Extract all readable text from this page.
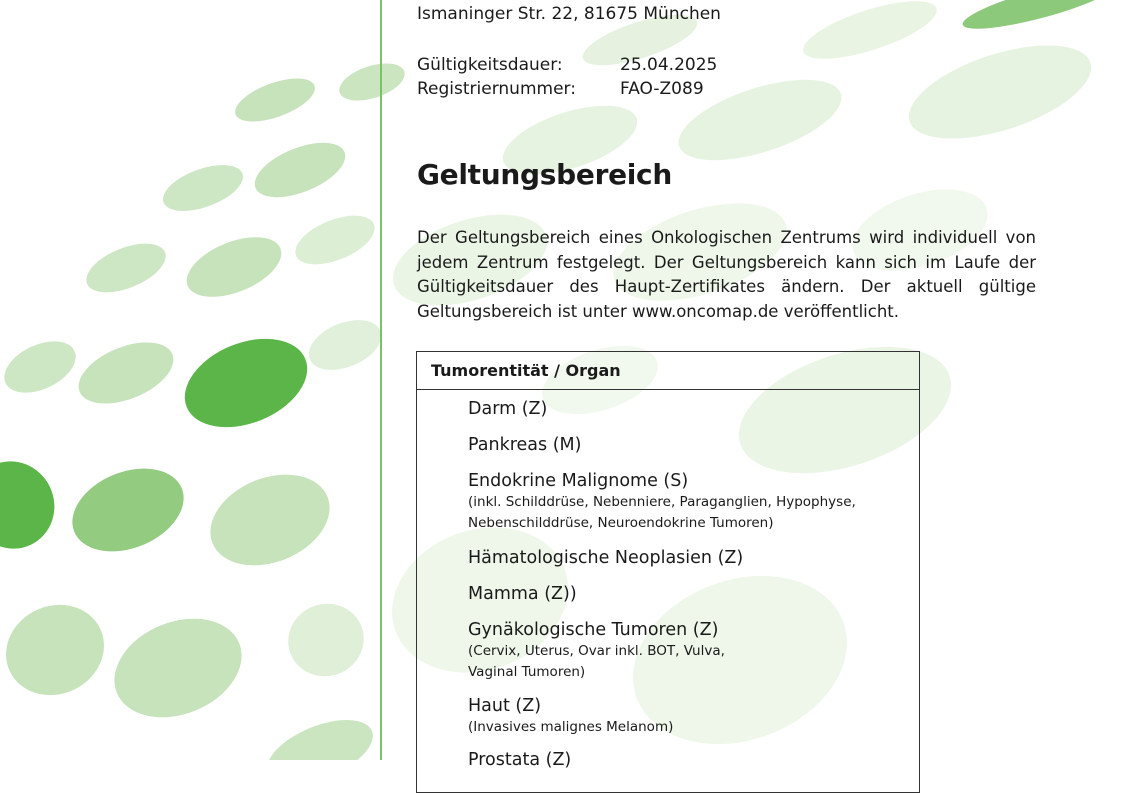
Ismaninger Str. 22, 81675 München
Gültigkeitsdauer:	25.04.2025
Registriernummer:	FAO-Z089
Geltungsbereich

Der Geltungsbereich eines Onkologischen Zentrums wird individuell von jedem Zentrum festgelegt. Der Geltungsbereich kann sich im Laufe der Gültigkeitsdauer des Haupt-Zertifikates ändern. Der aktuell gültige Geltungsbereich ist unter www.oncomap.de veröffentlicht.

Tumorentität / Organ
Darm (Z)
Pankreas (M)
Endokrine Malignome (S)
(inkl. Schilddrüse, Nebenniere, Paraganglien, Hypophyse,
Nebenschilddrüse, Neuroendokrine Tumoren)
Hämatologische Neoplasien (Z)
Mamma (Z))
Gynäkologische Tumoren (Z)
(Cervix, Uterus, Ovar inkl. BOT, Vulva,
Vaginal Tumoren)
Haut (Z)
(Invasives malignes Melanom)
Prostata (Z)
